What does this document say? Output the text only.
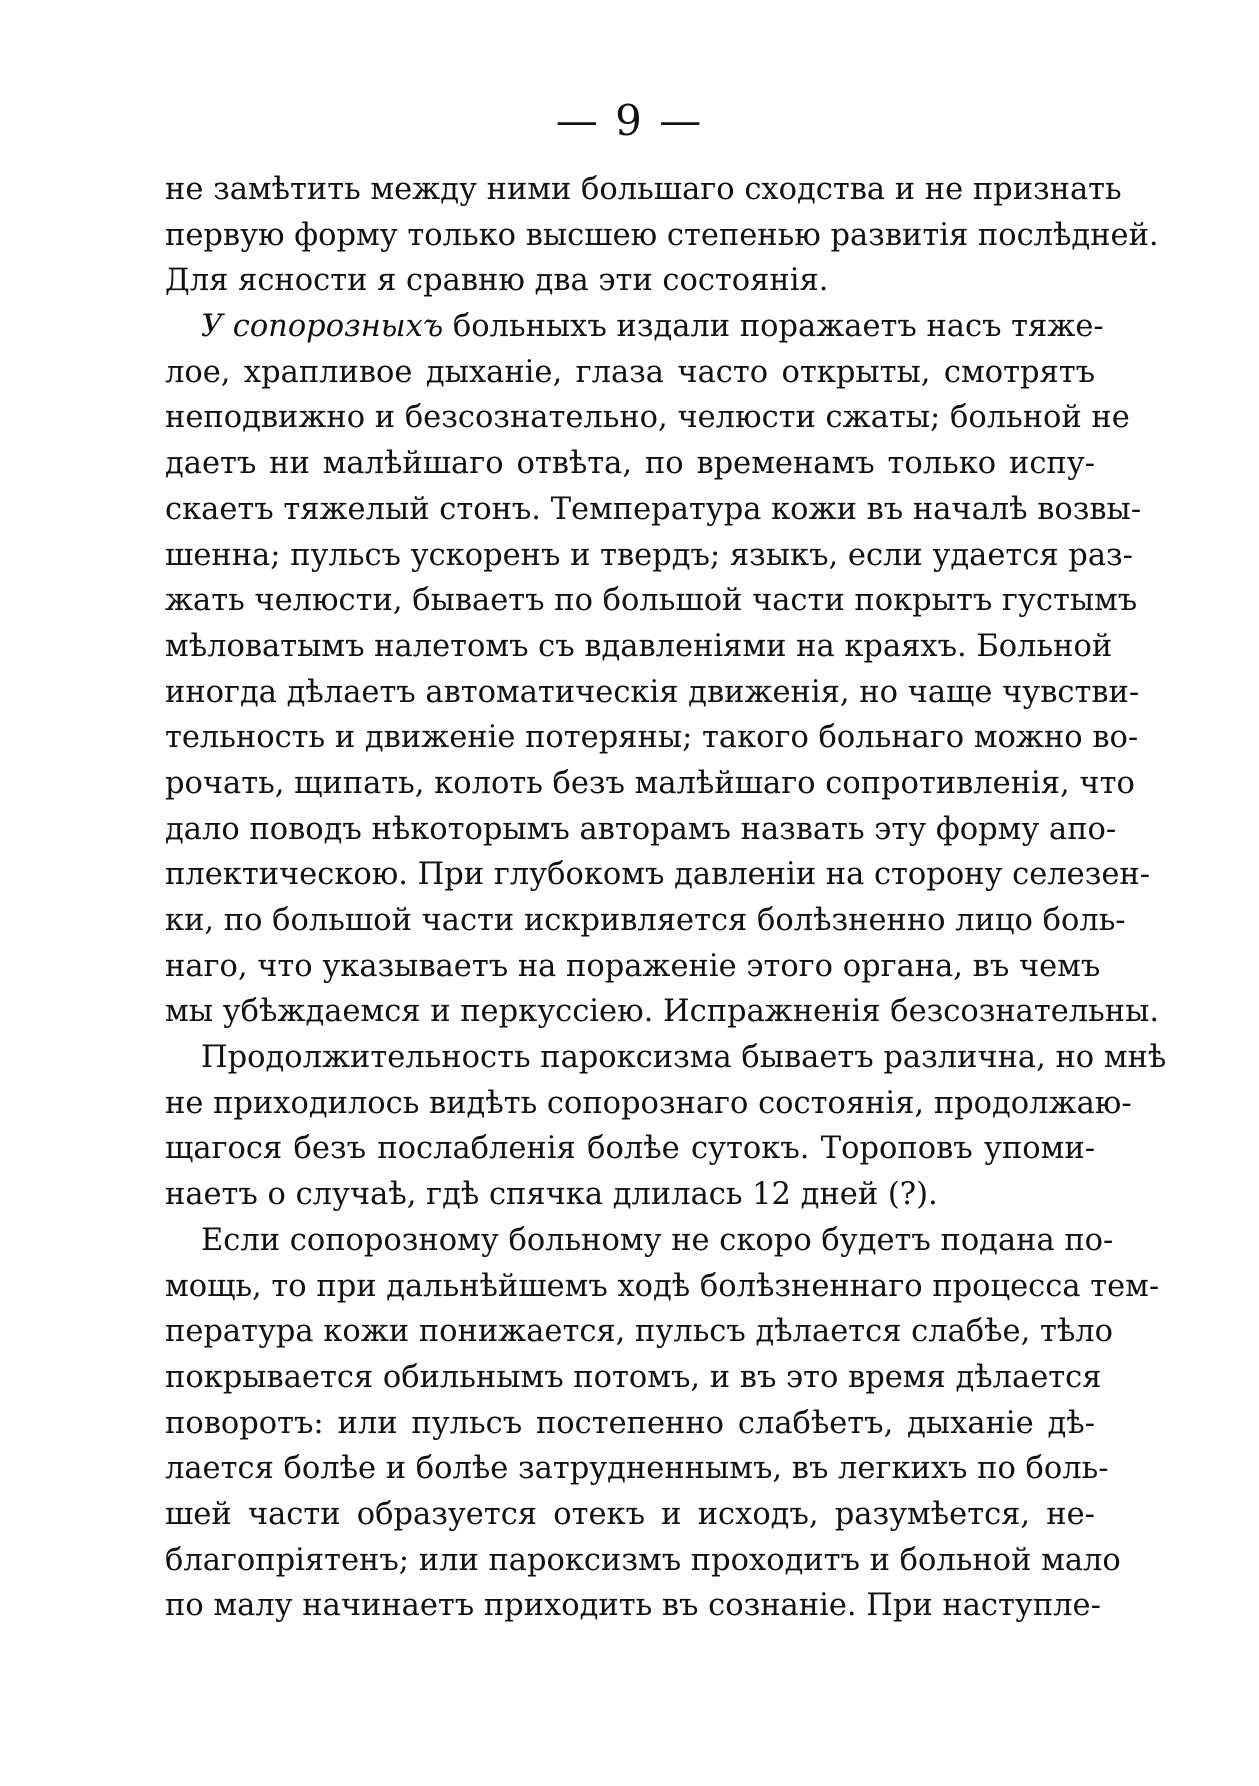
— 9 —
не замѣтить между ними большаго сходства и не признать
первую форму только высшею степенью развитія послѣдней.
Для ясности я сравню два эти состоянія.
У сопорозныхъ больныхъ издали поражаетъ насъ тяже-
лое, храпливое дыханіе, глаза часто открыты, смотрятъ
неподвижно и безсознательно, челюсти сжаты; больной не
даетъ ни малѣйшаго отвѣта, по временамъ только испу-
скаетъ тяжелый стонъ. Температура кожи въ началѣ возвы-
шенна; пульсъ ускоренъ и твердъ; языкъ, если удается раз-
жать челюсти, бываетъ по большой части покрытъ густымъ
мѣловатымъ налетомъ съ вдавленіями на краяхъ. Больной
иногда дѣлаетъ автоматическія движенія, но чаще чувстви-
тельность и движеніе потеряны; такого больнаго можно во-
рочать, щипать, колоть безъ малѣйшаго сопротивленія, что
дало поводъ нѣкоторымъ авторамъ назвать эту форму апо-
плектическою. При глубокомъ давленіи на сторону селезен-
ки, по большой части искривляется болѣзненно лицо боль-
наго, что указываетъ на пораженіе этого органа, въ чемъ
мы убѣждаемся и перкуссіею. Испражненія безсознательны.
Продолжительность пароксизма бываетъ различна, но мнѣ
не приходилось видѣть сопорознаго состоянія, продолжаю-
щагося безъ послабленія болѣе сутокъ. Тороповъ упоми-
наетъ о случаѣ, гдѣ спячка длилась 12 дней (?).
Если сопорозному больному не скоро будетъ подана по-
мощь, то при дальнѣйшемъ ходѣ болѣзненнаго процесса тем-
пература кожи понижается, пульсъ дѣлается слабѣе, тѣло
покрывается обильнымъ потомъ, и въ это время дѣлается
поворотъ: или пульсъ постепенно слабѣетъ, дыханіе дѣ-
лается болѣе и болѣе затрудненнымъ, въ легкихъ по боль-
шей части образуется отекъ и исходъ, разумѣется, не-
благопріятенъ; или пароксизмъ проходитъ и больной мало
по малу начинаетъ приходить въ сознаніе. При наступле-
